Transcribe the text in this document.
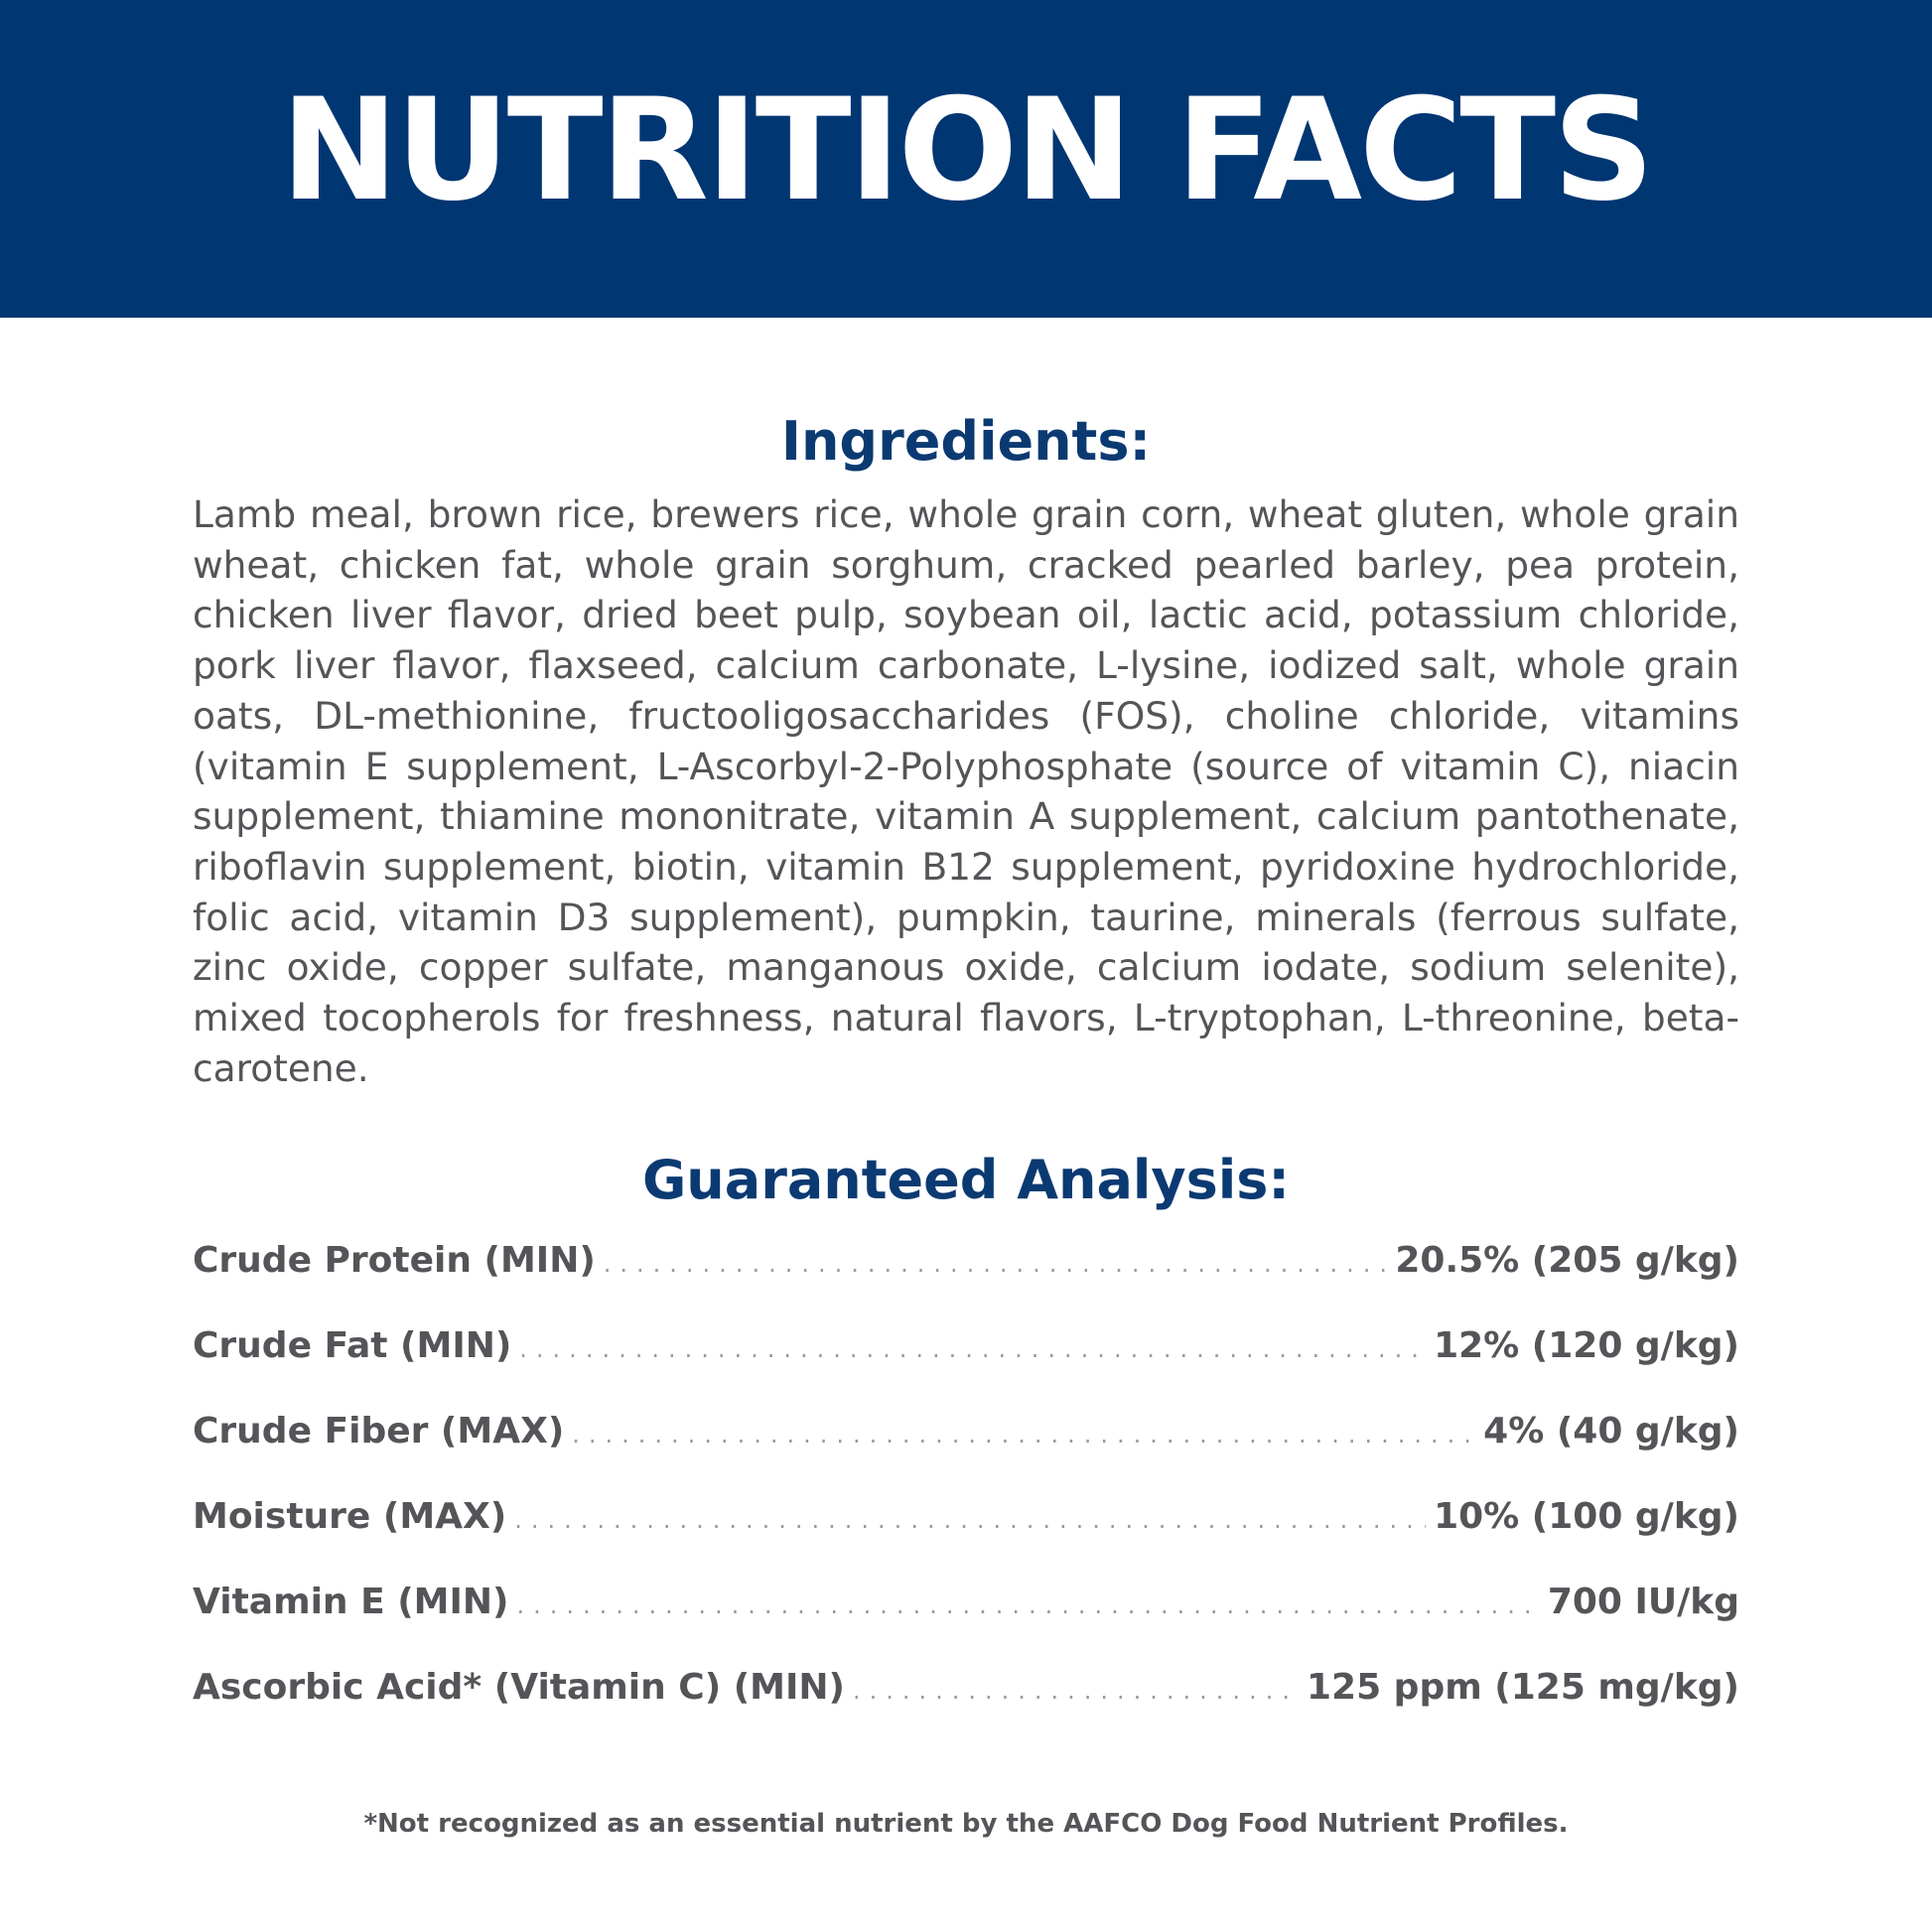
NUTRITION FACTS
Ingredients:

Lamb meal, brown rice, brewers rice, whole grain corn, wheat gluten, whole grain wheat, chicken fat, whole grain sorghum, cracked pearled barley, pea protein, chicken liver flavor, dried beet pulp, soybean oil, lactic acid, potassium chloride, pork liver flavor, flaxseed, calcium carbonate, L-lysine, iodized salt, whole grain oats, DL-methionine, fructooligosaccharides (FOS), choline chloride, vitamins (vitamin E supplement, L-Ascorbyl-2-Polyphosphate (source of vitamin C), niacin supplement, thiamine mononitrate, vitamin A supplement, calcium pantothenate, riboflavin supplement, biotin, vitamin B12 supplement, pyridoxine hydrochloride, folic acid, vitamin D3 supplement), pumpkin, taurine, minerals (ferrous sulfate, zinc oxide, copper sulfate, manganous oxide, calcium iodate, sodium selenite), mixed tocopherols for freshness, natural flavors, L-tryptophan, L-threonine, beta-carotene.

Guaranteed Analysis:
Crude Protein (MIN) .....	20.5% (205 g/kg)
Crude Fat (MIN) .....	12% (120 g/kg)
Crude Fiber (MAX) .....	4% (40 g/kg)
Moisture (MAX) .....	10% (100 g/kg)
Vitamin E (MIN) .....	700 IU/kg
Ascorbic Acid* (Vitamin C) (MIN) .....	125 ppm (125 mg/kg)
*Not recognized as an essential nutrient by the AAFCO Dog Food Nutrient Profiles.
